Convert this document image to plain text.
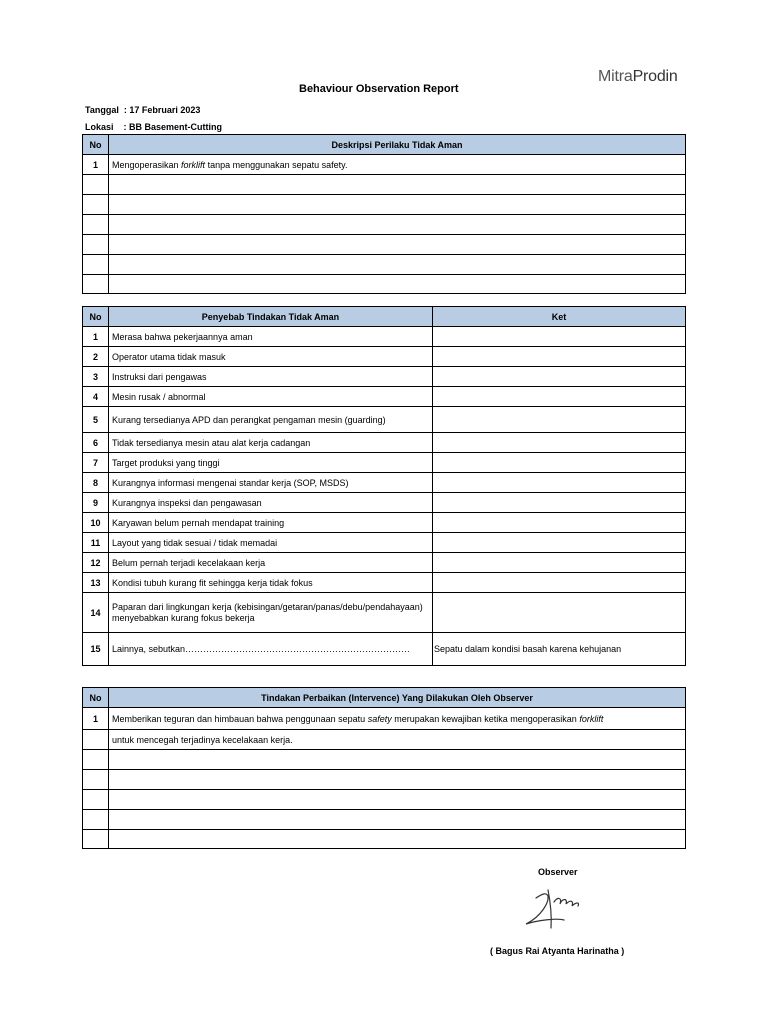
MitraProdin
Behaviour Observation Report
Tanggal  : 17 Februari 2023
Lokasi    : BB Basement-Cutting
No	Deskripsi Perilaku Tidak Aman
1	Mengoperasikan forklift tanpa menggunakan sepatu safety.

No	Penyebab Tindakan Tidak Aman	Ket
1	Merasa bahwa pekerjaannya aman	
2	Operator utama tidak masuk	
3	Instruksi dari pengawas	
4	Mesin rusak / abnormal	
5	Kurang tersedianya APD dan perangkat pengaman mesin (guarding)	
6	Tidak tersedianya mesin atau alat kerja cadangan	
7	Target produksi yang tinggi	
8	Kurangnya informasi mengenai standar kerja (SOP, MSDS)	
9	Kurangnya inspeksi dan pengawasan	
10	Karyawan belum pernah mendapat training	
11	Layout yang tidak sesuai / tidak memadai	
12	Belum pernah terjadi kecelakaan kerja	
13	Kondisi tubuh kurang fit sehingga kerja tidak fokus	
14	Paparan dari lingkungan kerja (kebisingan/getaran/panas/debu/pendahayaan) menyebabkan kurang fokus bekerja	
15	Lainnya, sebutkan…………………………………………………………………	Sepatu dalam kondisi basah karena kehujanan
No	Tindakan Perbaikan (Intervence) Yang Dilakukan Oleh Observer
1	Memberikan teguran dan himbauan bahwa penggunaan sepatu safety merupakan kewajiban ketika mengoperasikan forklift
	untuk mencegah terjadinya kecelakaan kerja.

Observer
( Bagus Rai Atyanta Harinatha )
